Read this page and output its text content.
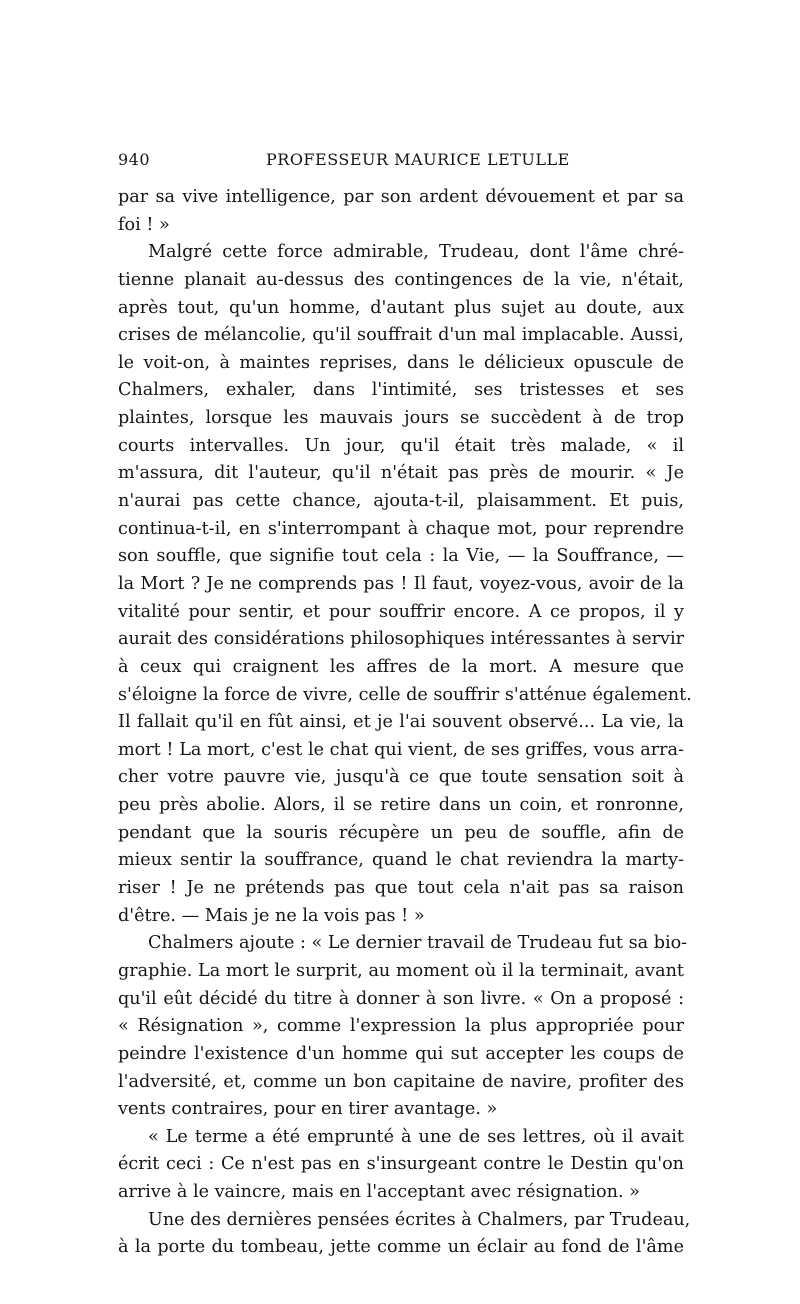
940	PROFESSEUR MAURICE LETULLE
par sa vive intelligence, par son ardent dévouement et par sa
foi ! »
Malgré cette force admirable, Trudeau, dont l'âme chré-
tienne planait au-dessus des contingences de la vie, n'était,
après tout, qu'un homme, d'autant plus sujet au doute, aux
crises de mélancolie, qu'il souffrait d'un mal implacable. Aussi,
le voit-on, à maintes reprises, dans le délicieux opuscule de
Chalmers, exhaler, dans l'intimité, ses tristesses et ses
plaintes, lorsque les mauvais jours se succèdent à de trop
courts intervalles. Un jour, qu'il était très malade, « il
m'assura, dit l'auteur, qu'il n'était pas près de mourir. « Je
n'aurai pas cette chance, ajouta-t-il, plaisamment. Et puis,
continua-t-il, en s'interrompant à chaque mot, pour reprendre
son souffle, que signifie tout cela : la Vie, — la Souffrance, —
la Mort ? Je ne comprends pas ! Il faut, voyez-vous, avoir de la
vitalité pour sentir, et pour souffrir encore. A ce propos, il y
aurait des considérations philosophiques intéressantes à servir
à ceux qui craignent les affres de la mort. A mesure que
s'éloigne la force de vivre, celle de souffrir s'atténue également.
Il fallait qu'il en fût ainsi, et je l'ai souvent observé... La vie, la
mort ! La mort, c'est le chat qui vient, de ses griffes, vous arra-
cher votre pauvre vie, jusqu'à ce que toute sensation soit à
peu près abolie. Alors, il se retire dans un coin, et ronronne,
pendant que la souris récupère un peu de souffle, afin de
mieux sentir la souffrance, quand le chat reviendra la marty-
riser ! Je ne prétends pas que tout cela n'ait pas sa raison
d'être. — Mais je ne la vois pas ! »
Chalmers ajoute : « Le dernier travail de Trudeau fut sa bio-
graphie. La mort le surprit, au moment où il la terminait, avant
qu'il eût décidé du titre à donner à son livre. « On a proposé :
« Résignation », comme l'expression la plus appropriée pour
peindre l'existence d'un homme qui sut accepter les coups de
l'adversité, et, comme un bon capitaine de navire, profiter des
vents contraires, pour en tirer avantage. »
« Le terme a été emprunté à une de ses lettres, où il avait
écrit ceci : Ce n'est pas en s'insurgeant contre le Destin qu'on
arrive à le vaincre, mais en l'acceptant avec résignation. »
Une des dernières pensées écrites à Chalmers, par Trudeau,
à la porte du tombeau, jette comme un éclair au fond de l'âme
